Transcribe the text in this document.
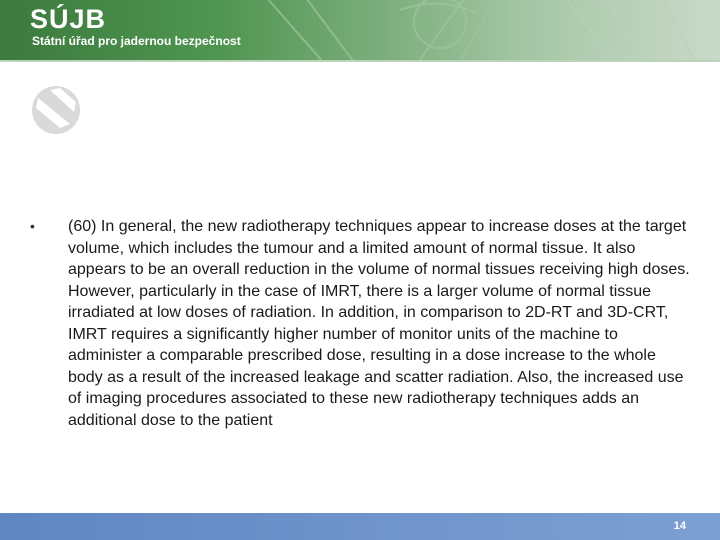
SÚJB
Státní úřad pro jadernou bezpečnost
• (60) In general, the new radiotherapy techniques appear to increase doses at the target volume, which includes the tumour and a limited amount of normal tissue. It also appears to be an overall reduction in the volume of normal tissues receiving high doses. However, particularly in the case of IMRT, there is a larger volume of normal tissue irradiated at low doses of radiation. In addition, in comparison to 2D-RT and 3D-CRT, IMRT requires a significantly higher number of monitor units of the machine to administer a comparable prescribed dose, resulting in a dose increase to the whole body as a result of the increased leakage and scatter radiation. Also, the increased use of imaging procedures associated to these new radiotherapy techniques adds an additional dose to the patient

14
